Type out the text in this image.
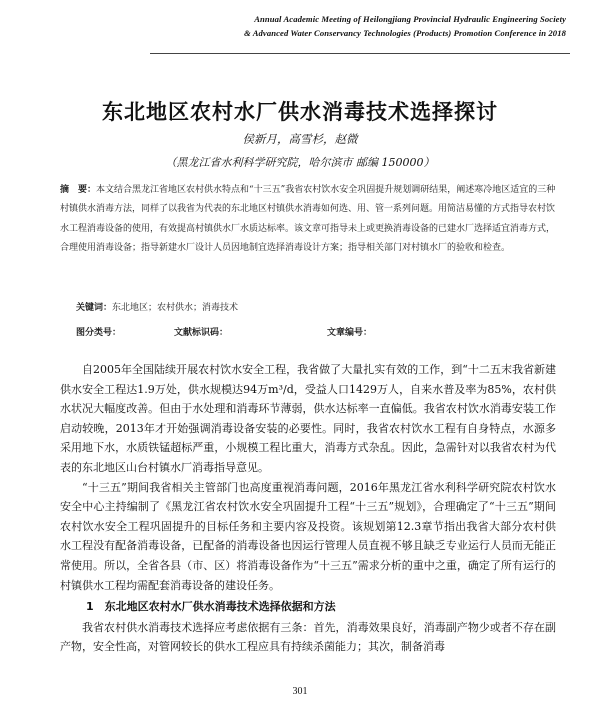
Annual Academic Meeting of Heilongjiang Provincial Hydraulic Engineering Society
& Advanced Water Conservancy Technologies (Products) Promotion Conference in 2018
东北地区农村水厂供水消毒技术选择探讨
侯新月，高雪杉，赵微
（黑龙江省水利科学研究院，哈尔滨市 邮编 150000）
摘　要：本文结合黑龙江省地区农村供水特点和“十三五”我省农村饮水安全巩固提升规划调研结果，阐述寒冷地区适宜的三种村镇供水消毒方法，同样了以我省为代表的东北地区村镇供水消毒如何选、用、管一系列问题。用简洁易懂的方式指导农村饮水工程消毒设备的使用，有效提高村镇供水厂水质达标率。该文章可指导未上或更换消毒设备的已建水厂选择适宜消毒方式，合理使用消毒设备；指导新建水厂设计人员因地制宜选择消毒设计方案；指导相关部门对村镇水厂的验收和检查。
关键词：东北地区；农村供水；消毒技术
图分类号：	文献标识码：	文章编号：

自2005年全国陆续开展农村饮水安全工程，我省做了大量扎实有效的工作，到“十二五末我省新建供水安全工程达1.9万处，供水规模达94万m³/d，受益人口1429万人，自来水普及率为85%，农村供水状况大幅度改善。但由于水处理和消毒环节薄弱，供水达标率一直偏低。我省农村饮水消毒安装工作启动较晚，2013年才开始强调消毒设备安装的必要性。同时，我省农村饮水工程有自身特点，水源多采用地下水，水质铁锰超标严重，小规模工程比重大，消毒方式杂乱。因此，急需针对以我省农村为代表的东北地区山台村镇水厂消毒指导意见。

“十三五”期间我省相关主管部门也高度重视消毒问题，2016年黑龙江省水利科学研究院农村饮水安全中心主持编制了《黑龙江省农村饮水安全巩固提升工程“十三五”规划》，合理确定了“十三五”期间农村饮水安全工程巩固提升的目标任务和主要内容及投资。该规划第12.3章节指出我省大部分农村供水工程没有配备消毒设备，已配备的消毒设备也因运行管理人员直视不够且缺乏专业运行人员而无能正常使用。所以，全省各县（市、区）将消毒设备作为“十三五”需求分析的重中之重，确定了所有运行的村镇供水工程均需配套消毒设备的建设任务。

1　东北地区农村水厂供水消毒技术选择依据和方法

我省农村供水消毒技术选择应考虑依据有三条：首先，消毒效果良好，消毒副产物少或者不存在副产物，安全性高，对管网较长的供水工程应具有持续杀菌能力；其次，制备消毒

301
